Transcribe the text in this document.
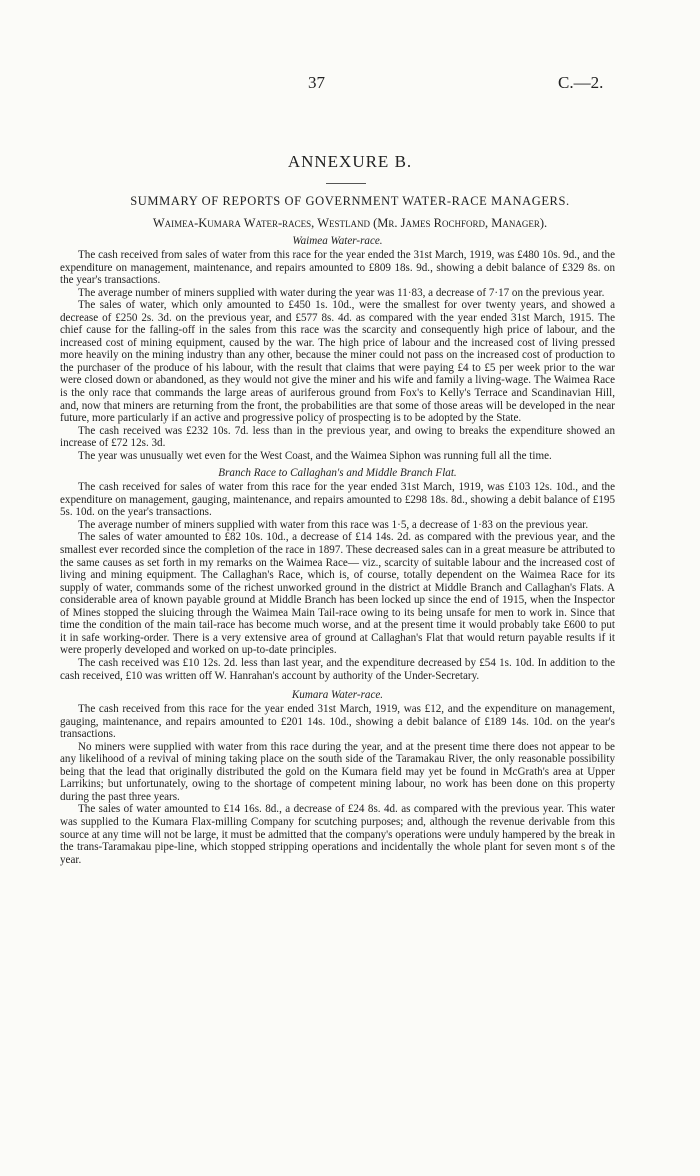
37	C.—2.
ANNEXURE B.
SUMMARY OF REPORTS OF GOVERNMENT WATER-RACE MANAGERS.
Waimea-Kumara Water-races, Westland (Mr. James Rochford, Manager).

Waimea Water-race.

The cash received from sales of water from this race for the year ended the 31st March, 1919, was £480 10s. 9d., and the expenditure on management, maintenance, and repairs amounted to £809 18s. 9d., showing a debit balance of £329 8s. on the year's transactions.

The average number of miners supplied with water during the year was 11·83, a decrease of 7·17 on the previous year.

The sales of water, which only amounted to £450 1s. 10d., were the smallest for over twenty years, and showed a decrease of £250 2s. 3d. on the previous year, and £577 8s. 4d. as compared with the year ended 31st March, 1915. The chief cause for the falling-off in the sales from this race was the scarcity and consequently high price of labour, and the increased cost of mining equipment, caused by the war. The high price of labour and the increased cost of living pressed more heavily on the mining industry than any other, because the miner could not pass on the increased cost of production to the purchaser of the produce of his labour, with the result that claims that were paying £4 to £5 per week prior to the war were closed down or abandoned, as they would not give the miner and his wife and family a living-wage. The Waimea Race is the only race that commands the large areas of auriferous ground from Fox's to Kelly's Terrace and Scandinavian Hill, and, now that miners are returning from the front, the probabilities are that some of those areas will be developed in the near future, more particularly if an active and progressive policy of prospecting is to be adopted by the State.

The cash received was £232 10s. 7d. less than in the previous year, and owing to breaks the expenditure showed an increase of £72 12s. 3d.

The year was unusually wet even for the West Coast, and the Waimea Siphon was running full all the time.

Branch Race to Callaghan's and Middle Branch Flat.

The cash received for sales of water from this race for the year ended 31st March, 1919, was £103 12s. 10d., and the expenditure on management, gauging, maintenance, and repairs amounted to £298 18s. 8d., showing a debit balance of £195 5s. 10d. on the year's transactions.

The average number of miners supplied with water from this race was 1·5, a decrease of 1·83 on the previous year.

The sales of water amounted to £82 10s. 10d., a decrease of £14 14s. 2d. as compared with the previous year, and the smallest ever recorded since the completion of the race in 1897. These decreased sales can in a great measure be attributed to the same causes as set forth in my remarks on the Waimea Race— viz., scarcity of suitable labour and the increased cost of living and mining equipment. The Callaghan's Race, which is, of course, totally dependent on the Waimea Race for its supply of water, commands some of the richest unworked ground in the district at Middle Branch and Callaghan's Flats. A considerable area of known payable ground at Middle Branch has been locked up since the end of 1915, when the Inspector of Mines stopped the sluicing through the Waimea Main Tail-race owing to its being unsafe for men to work in. Since that time the condition of the main tail-race has become much worse, and at the present time it would probably take £600 to put it in safe working-order. There is a very extensive area of ground at Callaghan's Flat that would return payable results if it were properly developed and worked on up-to-date principles.

The cash received was £10 12s. 2d. less than last year, and the expenditure decreased by £54 1s. 10d. In addition to the cash received, £10 was written off W. Hanrahan's account by authority of the Under-Secretary.

Kumara Water-race.

The cash received from this race for the year ended 31st March, 1919, was £12, and the expenditure on management, gauging, maintenance, and repairs amounted to £201 14s. 10d., showing a debit balance of £189 14s. 10d. on the year's transactions.

No miners were supplied with water from this race during the year, and at the present time there does not appear to be any likelihood of a revival of mining taking place on the south side of the Taramakau River, the only reasonable possibility being that the lead that originally distributed the gold on the Kumara field may yet be found in McGrath's area at Upper Larrikins; but unfortunately, owing to the shortage of competent mining labour, no work has been done on this property during the past three years.

The sales of water amounted to £14 16s. 8d., a decrease of £24 8s. 4d. as compared with the previous year. This water was supplied to the Kumara Flax-milling Company for scutching purposes; and, although the revenue derivable from this source at any time will not be large, it must be admitted that the company's operations were unduly hampered by the break in the trans-Taramakau pipe-line, which stopped stripping operations and incidentally the whole plant for seven mont s of the year.
